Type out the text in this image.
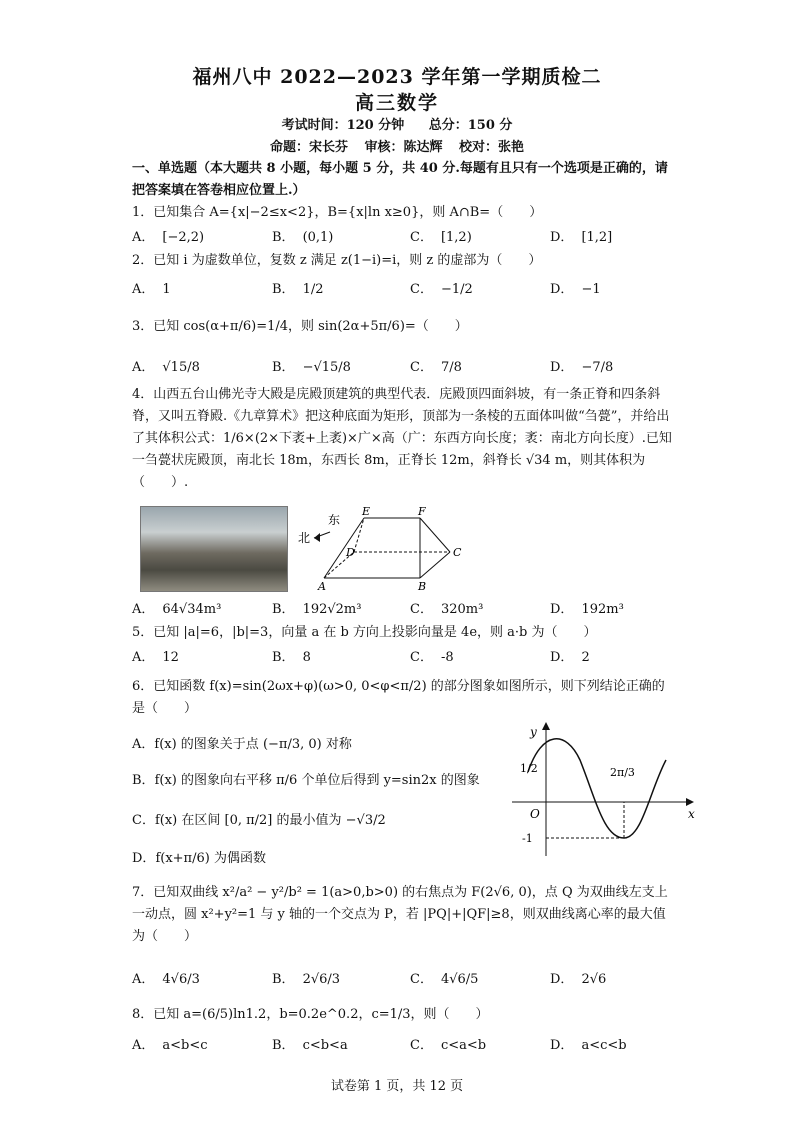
福州八中 2022—2023 学年第一学期质检二
高三数学
考试时间：120 分钟 总分：150 分
命题：宋长芬 审核：陈达辉 校对：张艳
一、单选题（本大题共 8 小题，每小题 5 分，共 40 分.每题有且只有一个选项是正确的，请把答案填在答卷相应位置上.）
1．已知集合 A={x|−2≤x<2}，B={x|ln x≥0}，则 A∩B=（　　）
A． [−2,2)	B． (0,1)	C． [1,2)	D． [1,2]
2．已知 i 为虚数单位，复数 z 满足 z(1−i)=i，则 z 的虚部为（　　）
A． 1	B． 1/2	C． −1/2	D． −1
3．已知 cos(α+π/6)=1/4，则 sin(2α+5π/6)=（　　）
A． √15/8	B． −√15/8	C． 7/8	D． −7/8
4．山西五台山佛光寺大殿是庑殿顶建筑的典型代表．庑殿顶四面斜坡，有一条正脊和四条斜脊，又叫五脊殿.《九章算术》把这种底面为矩形，顶部为一条棱的五面体叫做“刍甍”，并给出了其体积公式：1/6×(2×下袤+上袤)×广×高（广：东西方向长度；袤：南北方向长度）.已知一刍甍状庑殿顶，南北长 18m，东西长 8m，正脊长 12m，斜脊长 √34 m，则其体积为（　　）.
东
北
E	F
D	C
A	B
A． 64√34m³	B． 192√2m³	C． 320m³	D． 192m³
5．已知 |a|=6，|b|=3，向量 a 在 b 方向上投影向量是 4e，则 a·b 为（　　）
A． 12	B． 8	C． -8	D． 2
6．已知函数 f(x)=sin(2ωx+φ)(ω>0, 0<φ<π/2) 的部分图象如图所示，则下列结论正确的是（　　）
A．f(x) 的图象关于点 (−π/3, 0) 对称
B．f(x) 的图象向右平移 π/6 个单位后得到 y=sin2x 的图象
C．f(x) 在区间 [0, π/2] 的最小值为 −√3/2
D．f(x+π/6) 为偶函数
y
x
O
1/2
-1
2π/3
7．已知双曲线 x²/a² − y²/b² = 1(a>0,b>0) 的右焦点为 F(2√6, 0)，点 Q 为双曲线左支上一动点，圆 x²+y²=1 与 y 轴的一个交点为 P，若 |PQ|+|QF|≥8，则双曲线离心率的最大值为（　　）
A． 4√6/3	B． 2√6/3	C． 4√6/5	D． 2√6
8．已知 a=(6/5)ln1.2，b=0.2e^0.2，c=1/3，则（　　）
A． a<b<c	B． c<b<a	C． c<a<b	D． a<c<b
试卷第 1 页，共 12 页
